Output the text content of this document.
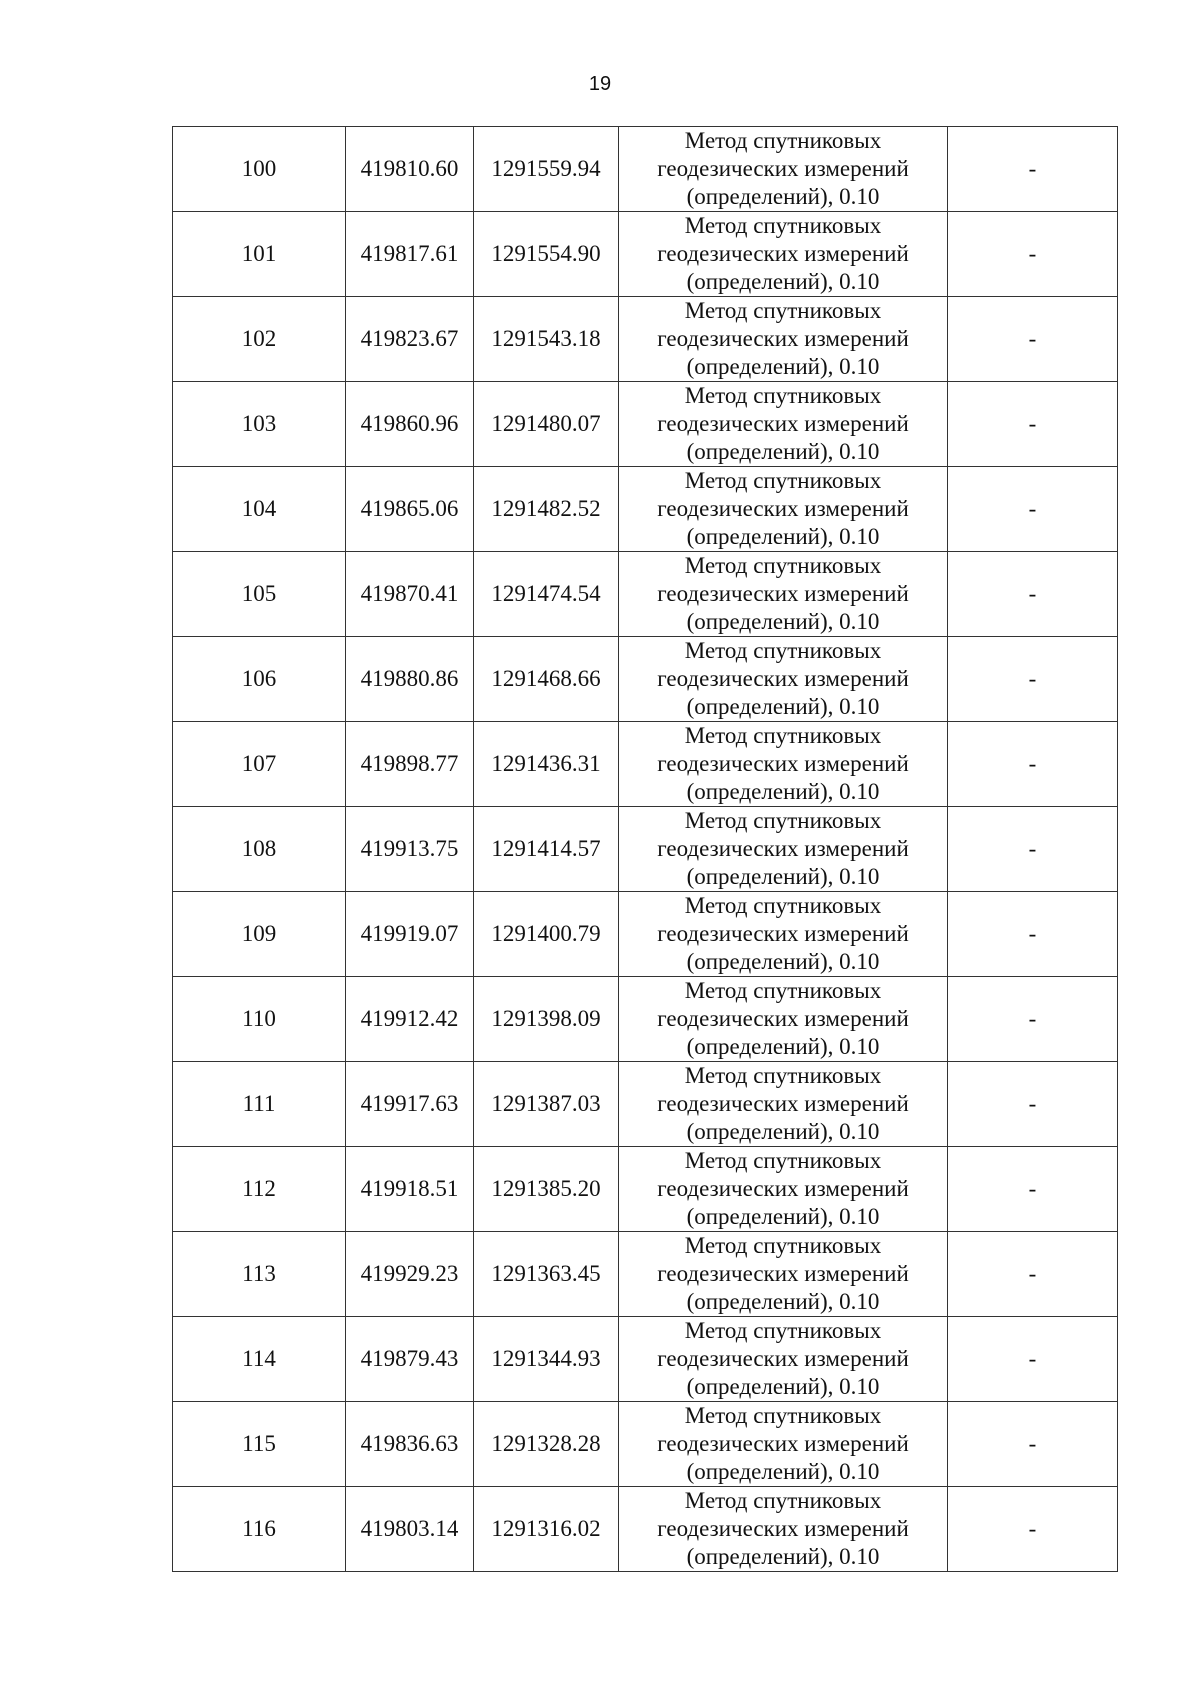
19
100	419810.60	1291559.94	Метод спутниковых
геодезических измерений
(определений), 0.10	-
101	419817.61	1291554.90	Метод спутниковых
геодезических измерений
(определений), 0.10	-
102	419823.67	1291543.18	Метод спутниковых
геодезических измерений
(определений), 0.10	-
103	419860.96	1291480.07	Метод спутниковых
геодезических измерений
(определений), 0.10	-
104	419865.06	1291482.52	Метод спутниковых
геодезических измерений
(определений), 0.10	-
105	419870.41	1291474.54	Метод спутниковых
геодезических измерений
(определений), 0.10	-
106	419880.86	1291468.66	Метод спутниковых
геодезических измерений
(определений), 0.10	-
107	419898.77	1291436.31	Метод спутниковых
геодезических измерений
(определений), 0.10	-
108	419913.75	1291414.57	Метод спутниковых
геодезических измерений
(определений), 0.10	-
109	419919.07	1291400.79	Метод спутниковых
геодезических измерений
(определений), 0.10	-
110	419912.42	1291398.09	Метод спутниковых
геодезических измерений
(определений), 0.10	-
111	419917.63	1291387.03	Метод спутниковых
геодезических измерений
(определений), 0.10	-
112	419918.51	1291385.20	Метод спутниковых
геодезических измерений
(определений), 0.10	-
113	419929.23	1291363.45	Метод спутниковых
геодезических измерений
(определений), 0.10	-
114	419879.43	1291344.93	Метод спутниковых
геодезических измерений
(определений), 0.10	-
115	419836.63	1291328.28	Метод спутниковых
геодезических измерений
(определений), 0.10	-
116	419803.14	1291316.02	Метод спутниковых
геодезических измерений
(определений), 0.10	-
